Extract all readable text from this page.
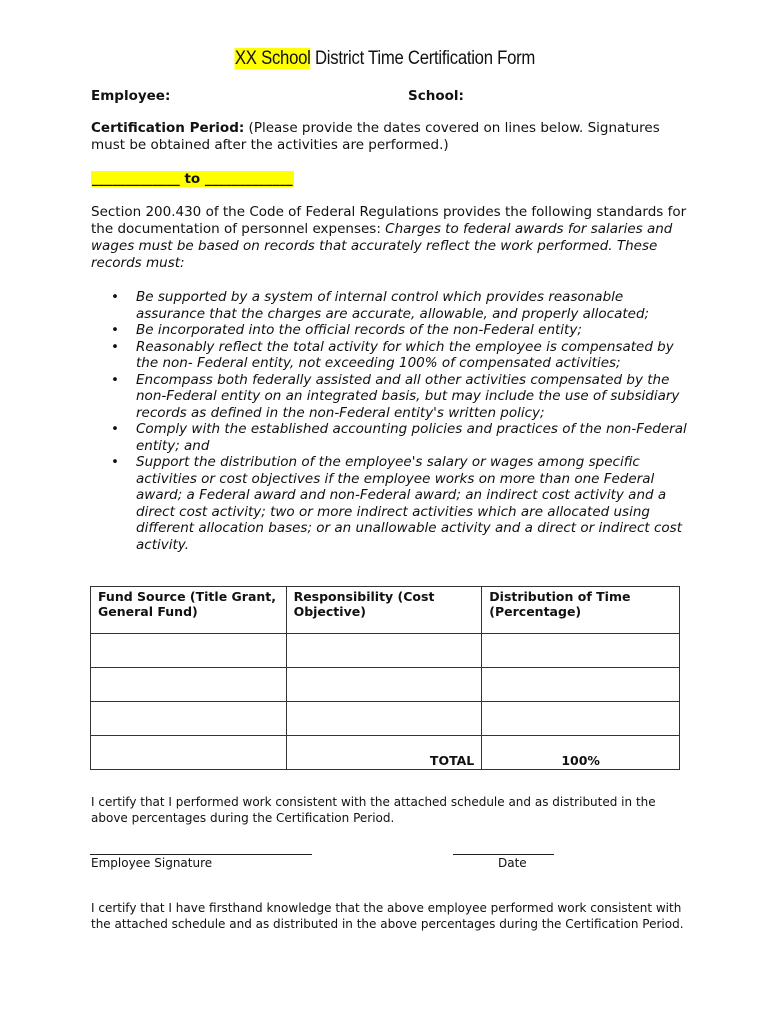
XX School District Time Certification Form
Employee:	School:
Certification Period: (Please provide the dates covered on lines below. Signatures must be obtained after the activities are performed.)
_____________ to _____________
Section 200.430 of the Code of Federal Regulations provides the following standards for the documentation of personnel expenses: Charges to federal awards for salaries and wages must be based on records that accurately reflect the work performed. These records must:
• Be supported by a system of internal control which provides reasonable assurance that the charges are accurate, allowable, and properly allocated;
• Be incorporated into the official records of the non-Federal entity;
• Reasonably reflect the total activity for which the employee is compensated by the non- Federal entity, not exceeding 100% of compensated activities;
• Encompass both federally assisted and all other activities compensated by the non-Federal entity on an integrated basis, but may include the use of subsidiary records as defined in the non-Federal entity's written policy;
• Comply with the established accounting policies and practices of the non-Federal entity; and
• Support the distribution of the employee's salary or wages among specific activities or cost objectives if the employee works on more than one Federal award; a Federal award and non-Federal award; an indirect cost activity and a direct cost activity; two or more indirect activities which are allocated using different allocation bases; or an unallowable activity and a direct or indirect cost activity.
Fund Source (Title Grant, General Fund)	Responsibility (Cost Objective)	Distribution of Time (Percentage)

	TOTAL	100%
I certify that I performed work consistent with the attached schedule and as distributed in the above percentages during the Certification Period.
Employee Signature	Date
I certify that I have firsthand knowledge that the above employee performed work consistent with the attached schedule and as distributed in the above percentages during the Certification Period.
